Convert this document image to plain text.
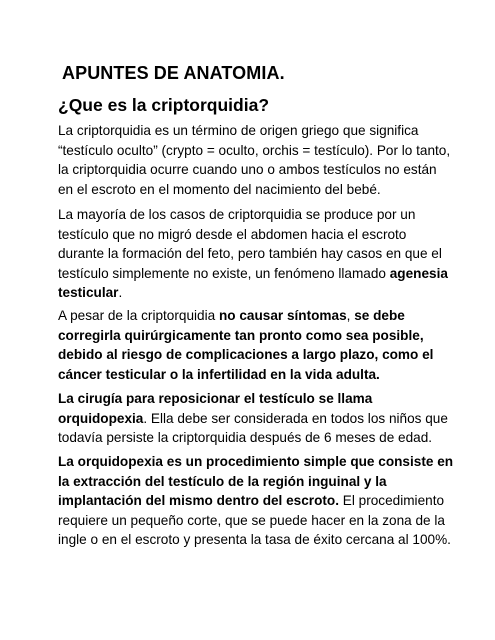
APUNTES DE ANATOMIA.
¿Que es la criptorquidia?

La criptorquidia es un término de origen griego que significa
“testículo oculto” (crypto = oculto, orchis = testículo). Por lo tanto,
la criptorquidia ocurre cuando uno o ambos testículos no están
en el escroto en el momento del nacimiento del bebé.

La mayoría de los casos de criptorquidia se produce por un
testículo que no migró desde el abdomen hacia el escroto
durante la formación del feto, pero también hay casos en que el
testículo simplemente no existe, un fenómeno llamado agenesia
testicular.

A pesar de la criptorquidia no causar síntomas, se debe
corregirla quirúrgicamente tan pronto como sea posible,
debido al riesgo de complicaciones a largo plazo, como el
cáncer testicular o la infertilidad en la vida adulta.

La cirugía para reposicionar el testículo se llama
orquidopexia. Ella debe ser considerada en todos los niños que
todavía persiste la criptorquidia después de 6 meses de edad.

La orquidopexia es un procedimiento simple que consiste en
la extracción del testículo de la región inguinal y la
implantación del mismo dentro del escroto. El procedimiento
requiere un pequeño corte, que se puede hacer en la zona de la
ingle o en el escroto y presenta la tasa de éxito cercana al 100%.
